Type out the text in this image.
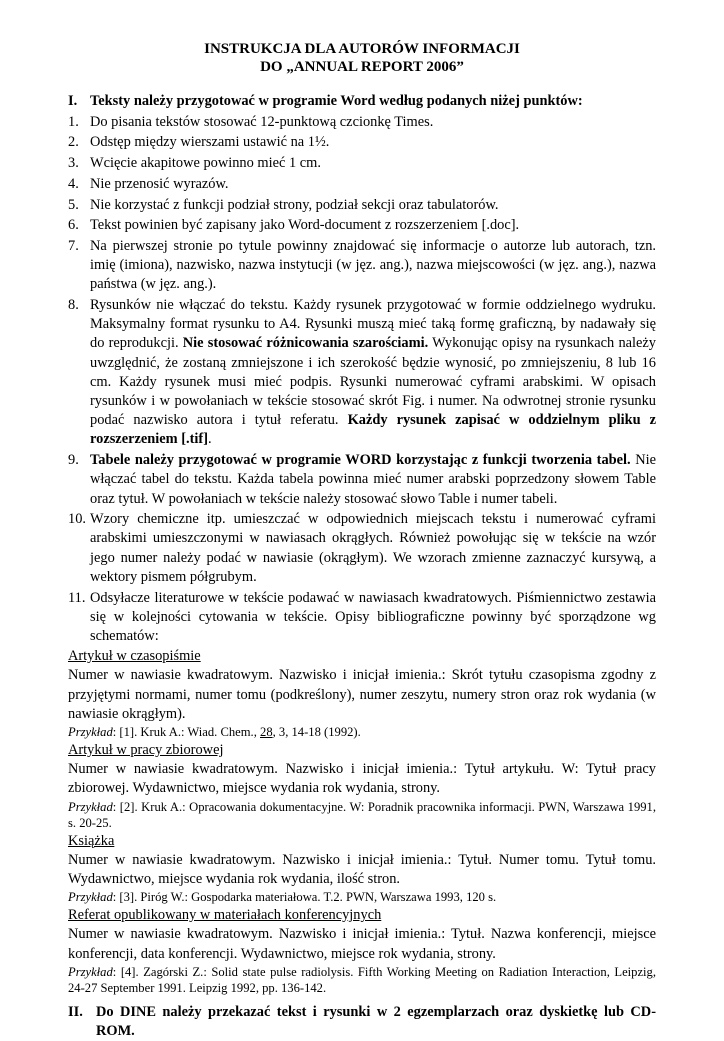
INSTRUKCJA DLA AUTORÓW INFORMACJI
DO „ANNUAL REPORT 2006”
I. Teksty należy przygotować w programie Word według podanych niżej punktów:
1. Do pisania tekstów stosować 12-punktową czcionkę Times.
2. Odstęp między wierszami ustawić na 1½.
3. Wcięcie akapitowe powinno mieć 1 cm.
4. Nie przenosić wyrazów.
5. Nie korzystać z funkcji podział strony, podział sekcji oraz tabulatorów.
6. Tekst powinien być zapisany jako Word-document z rozszerzeniem [.doc].
7. Na pierwszej stronie po tytule powinny znajdować się informacje o autorze lub autorach, tzn. imię (imiona), nazwisko, nazwa instytucji (w jęz. ang.), nazwa miejscowości (w jęz. ang.), nazwa państwa (w jęz. ang.).
8. Rysunków nie włączać do tekstu. Każdy rysunek przygotować w formie oddzielnego wydruku. Maksymalny format rysunku to A4. Rysunki muszą mieć taką formę graficzną, by nadawały się do reprodukcji. Nie stosować różnicowania szarościami. Wykonując opisy na rysunkach należy uwzględnić, że zostaną zmniejszone i ich szerokość będzie wynosić, po zmniejszeniu, 8 lub 16 cm. Każdy rysunek musi mieć podpis. Rysunki numerować cyframi arabskimi. W opisach rysunków i w powołaniach w tekście stosować skrót Fig. i numer. Na odwrotnej stronie rysunku podać nazwisko autora i tytuł referatu. Każdy rysunek zapisać w oddzielnym pliku z rozszerzeniem [.tif].
9. Tabele należy przygotować w programie WORD korzystając z funkcji tworzenia tabel. Nie włączać tabel do tekstu. Każda tabela powinna mieć numer arabski poprzedzony słowem Table oraz tytuł. W powołaniach w tekście należy stosować słowo Table i numer tabeli.
10. Wzory chemiczne itp. umieszczać w odpowiednich miejscach tekstu i numerować cyframi arabskimi umieszczonymi w nawiasach okrągłych. Również powołując się w tekście na wzór jego numer należy podać w nawiasie (okrągłym). We wzorach zmienne zaznaczyć kursywą, a wektory pismem półgrubym.
11. Odsyłacze literaturowe w tekście podawać w nawiasach kwadratowych. Piśmiennictwo zestawia się w kolejności cytowania w tekście. Opisy bibliograficzne powinny być sporządzone wg schematów:
Artykuł w czasopiśmie
Numer w nawiasie kwadratowym. Nazwisko i inicjał imienia.: Skrót tytułu czasopisma zgodny z przyjętymi normami, numer tomu (podkreślony), numer zeszytu, numery stron oraz rok wydania (w nawiasie okrągłym).
Przykład: [1]. Kruk A.: Wiad. Chem., 28, 3, 14-18 (1992).
Artykuł w pracy zbiorowej
Numer w nawiasie kwadratowym. Nazwisko i inicjał imienia.: Tytuł artykułu. W: Tytuł pracy zbiorowej. Wydawnictwo, miejsce wydania rok wydania, strony.
Przykład: [2]. Kruk A.: Opracowania dokumentacyjne. W: Poradnik pracownika informacji. PWN, Warszawa 1991, s. 20-25.
Książka
Numer w nawiasie kwadratowym. Nazwisko i inicjał imienia.: Tytuł. Numer tomu. Tytuł tomu. Wydawnictwo, miejsce wydania rok wydania, ilość stron.
Przykład: [3]. Piróg W.: Gospodarka materiałowa. T.2. PWN, Warszawa 1993, 120 s.
Referat opublikowany w materiałach konferencyjnych
Numer w nawiasie kwadratowym. Nazwisko i inicjał imienia.: Tytuł. Nazwa konferencji, miejsce konferencji, data konferencji. Wydawnictwo, miejsce rok wydania, strony.
Przykład: [4]. Zagórski Z.: Solid state pulse radiolysis. Fifth Working Meeting on Radiation Interaction, Leipzig, 24-27 September 1991. Leipzig 1992, pp. 136-142.
II. Do DINE należy przekazać tekst i rysunki w 2 egzemplarzach oraz dyskietkę lub CD-ROM.
